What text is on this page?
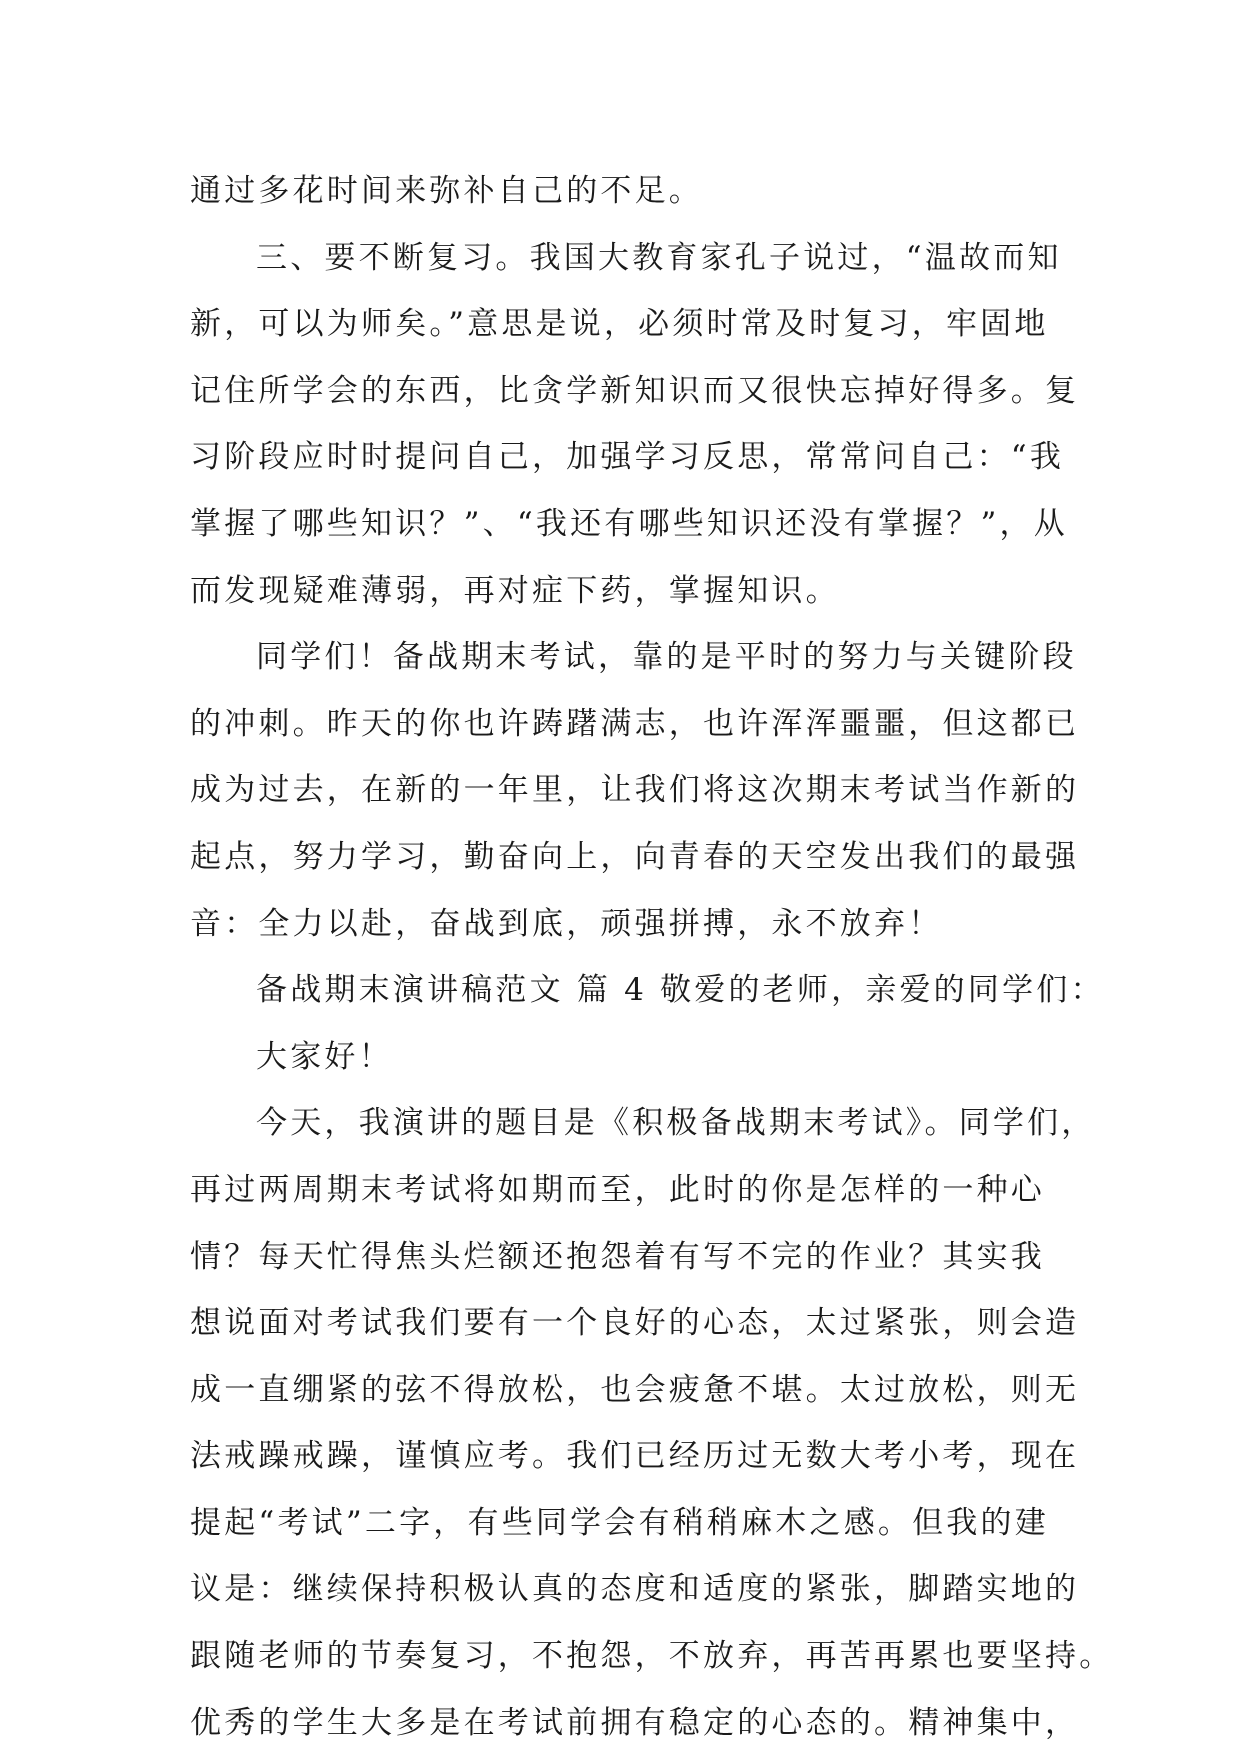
通过多花时间来弥补自己的不足。
三、要不断复习。我国大教育家孔子说过，“温故而知
新，可以为师矣。”意思是说，必须时常及时复习，牢固地
记住所学会的东西，比贪学新知识而又很快忘掉好得多。复
习阶段应时时提问自己，加强学习反思，常常问自己：“我
掌握了哪些知识？”、“我还有哪些知识还没有掌握？”，从
而发现疑难薄弱，再对症下药，掌握知识。
同学们！备战期末考试，靠的是平时的努力与关键阶段
的冲刺。昨天的你也许踌躇满志，也许浑浑噩噩，但这都已
成为过去，在新的一年里，让我们将这次期末考试当作新的
起点，努力学习，勤奋向上，向青春的天空发出我们的最强
音：全力以赴，奋战到底，顽强拼搏，永不放弃！
备战期末演讲稿范文 篇 4 敬爱的老师，亲爱的同学们：
大家好！
今天，我演讲的题目是《积极备战期末考试》。同学们，
再过两周期末考试将如期而至，此时的你是怎样的一种心
情？每天忙得焦头烂额还抱怨着有写不完的作业？其实我
想说面对考试我们要有一个良好的心态，太过紧张，则会造
成一直绷紧的弦不得放松，也会疲惫不堪。太过放松，则无
法戒躁戒躁，谨慎应考。我们已经历过无数大考小考，现在
提起“考试”二字，有些同学会有稍稍麻木之感。但我的建
议是：继续保持积极认真的态度和适度的紧张，脚踏实地的
跟随老师的节奏复习，不抱怨，不放弃，再苦再累也要坚持。
优秀的学生大多是在考试前拥有稳定的心态的。精神集中，
